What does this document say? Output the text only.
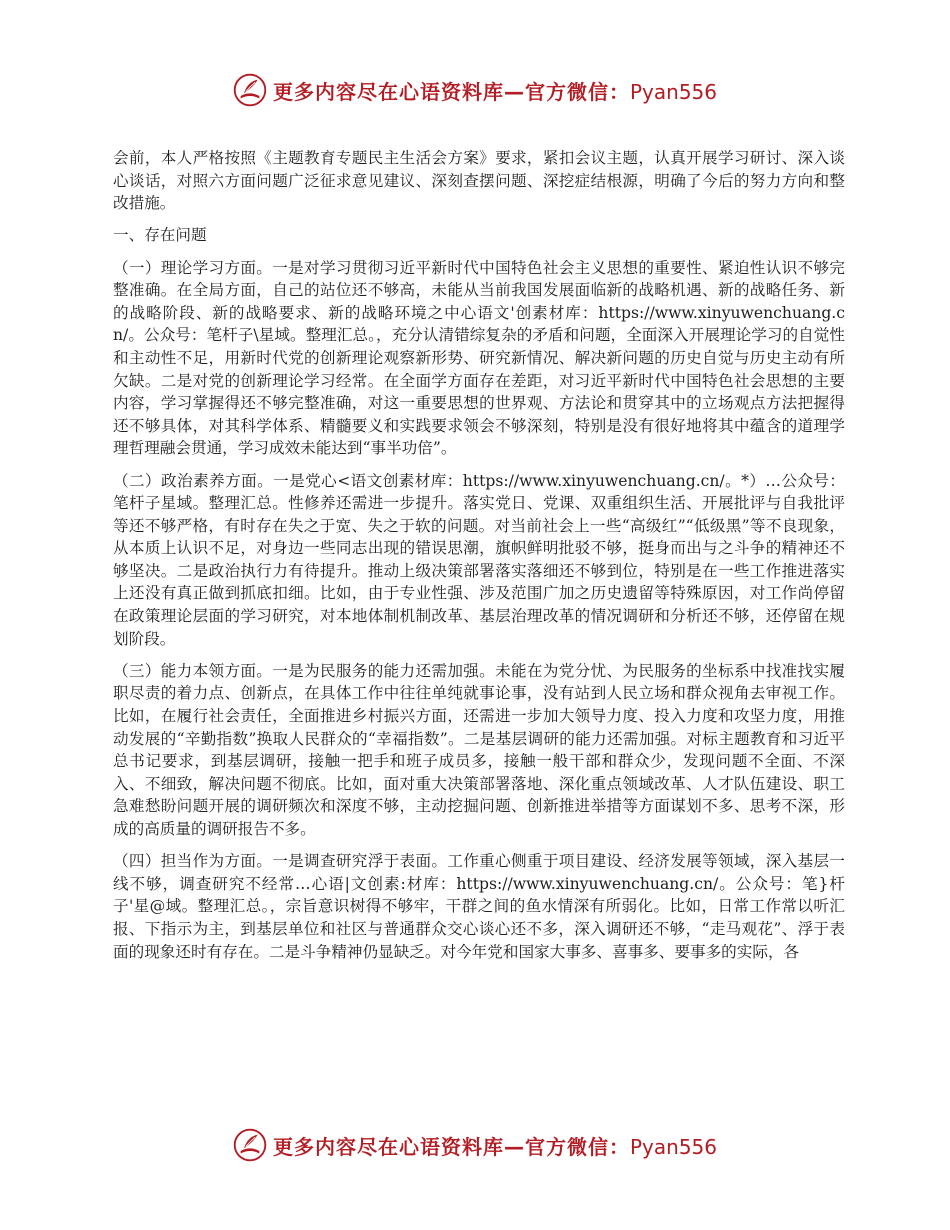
更多内容尽在心语资料库—官方微信：Pyan556

会前，本人严格按照《主题教育专题民主生活会方案》要求，紧扣会议主题，认真开展学习研讨、深入谈心谈话，对照六方面问题广泛征求意见建议、深刻查摆问题、深挖症结根源，明确了今后的努力方向和整改措施。

一、存在问题

（一）理论学习方面。一是对学习贯彻习近平新时代中国特色社会主义思想的重要性、紧迫性认识不够完整准确。在全局方面，自己的站位还不够高，未能从当前我国发展面临新的战略机遇、新的战略任务、新的战略阶段、新的战略要求、新的战略环境之中心语文'创素材库：https://www.xinyuwenchuang.cn/。公众号：笔杆子\星域。整理汇总。，充分认清错综复杂的矛盾和问题，全面深入开展理论学习的自觉性和主动性不足，用新时代党的创新理论观察新形势、研究新情况、解决新问题的历史自觉与历史主动有所欠缺。二是对党的创新理论学习经常。在全面学方面存在差距，对习近平新时代中国特色社会思想的主要内容，学习掌握得还不够完整准确，对这一重要思想的世界观、方法论和贯穿其中的立场观点方法把握得还不够具体，对其科学体系、精髓要义和实践要求领会不够深刻，特别是没有很好地将其中蕴含的道理学理哲理融会贯通，学习成效未能达到“事半功倍”。

（二）政治素养方面。一是党心<语文创素材库：https://www.xinyuwenchuang.cn/。*）…公众号：笔杆子星域。整理汇总。性修养还需进一步提升。落实党日、党课、双重组织生活、开展批评与自我批评等还不够严格，有时存在失之于宽、失之于软的问题。对当前社会上一些“高级红”“低级黑”等不良现象，从本质上认识不足，对身边一些同志出现的错误思潮，旗帜鲜明批驳不够，挺身而出与之斗争的精神还不够坚决。二是政治执行力有待提升。推动上级决策部署落实落细还不够到位，特别是在一些工作推进落实上还没有真正做到抓底扣细。比如，由于专业性强、涉及范围广加之历史遗留等特殊原因，对工作尚停留在政策理论层面的学习研究，对本地体制机制改革、基层治理改革的情况调研和分析还不够，还停留在规划阶段。

（三）能力本领方面。一是为民服务的能力还需加强。未能在为党分忧、为民服务的坐标系中找准找实履职尽责的着力点、创新点，在具体工作中往往单纯就事论事，没有站到人民立场和群众视角去审视工作。比如，在履行社会责任，全面推进乡村振兴方面，还需进一步加大领导力度、投入力度和攻坚力度，用推动发展的“辛勤指数”换取人民群众的“幸福指数”。二是基层调研的能力还需加强。对标主题教育和习近平总书记要求，到基层调研，接触一把手和班子成员多，接触一般干部和群众少，发现问题不全面、不深入、不细致，解决问题不彻底。比如，面对重大决策部署落地、深化重点领域改革、人才队伍建设、职工急难愁盼问题开展的调研频次和深度不够，主动挖掘问题、创新推进举措等方面谋划不多、思考不深，形成的高质量的调研报告不多。

（四）担当作为方面。一是调查研究浮于表面。工作重心侧重于项目建设、经济发展等领域，深入基层一线不够，调查研究不经常…心语|文创素:材库：https://www.xinyuwenchuang.cn/。公众号：笔}杆子'星@域。整理汇总。，宗旨意识树得不够牢，干群之间的鱼水情深有所弱化。比如，日常工作常以听汇报、下指示为主，到基层单位和社区与普通群众交心谈心还不多，深入调研还不够，“走马观花”、浮于表面的现象还时有存在。二是斗争精神仍显缺乏。对今年党和国家大事多、喜事多、要事多的实际，各

更多内容尽在心语资料库—官方微信：Pyan556
